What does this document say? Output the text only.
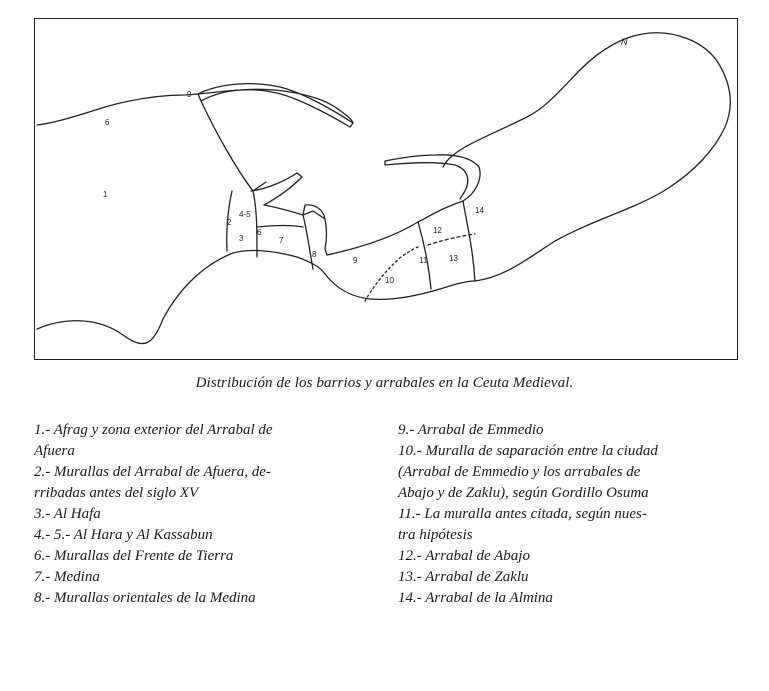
1
2
3
4-5
6
6
7
8
9
9
10
11
12
13
14
N
Distribución de los barrios y arrabales en la Ceuta Medieval.

1.- Afrag y zona exterior del Arrabal de

Afuera

2.- Murallas del Arrabal de Afuera, de-

rribadas antes del siglo XV

3.- Al Hafa

4.- 5.- Al Hara y Al Kassabun

6.- Murallas del Frente de Tierra

7.- Medina

8.- Murallas orientales de la Medina

9.- Arrabal de Emmedio

10.- Muralla de saparación entre la ciudad

(Arrabal de Emmedio y los arrabales de

Abajo y de Zaklu), según Gordillo Osuma

11.- La muralla antes citada, según nues-

tra hipótesis

12.- Arrabal de Abajo

13.- Arrabal de Zaklu

14.- Arrabal de la Almina
